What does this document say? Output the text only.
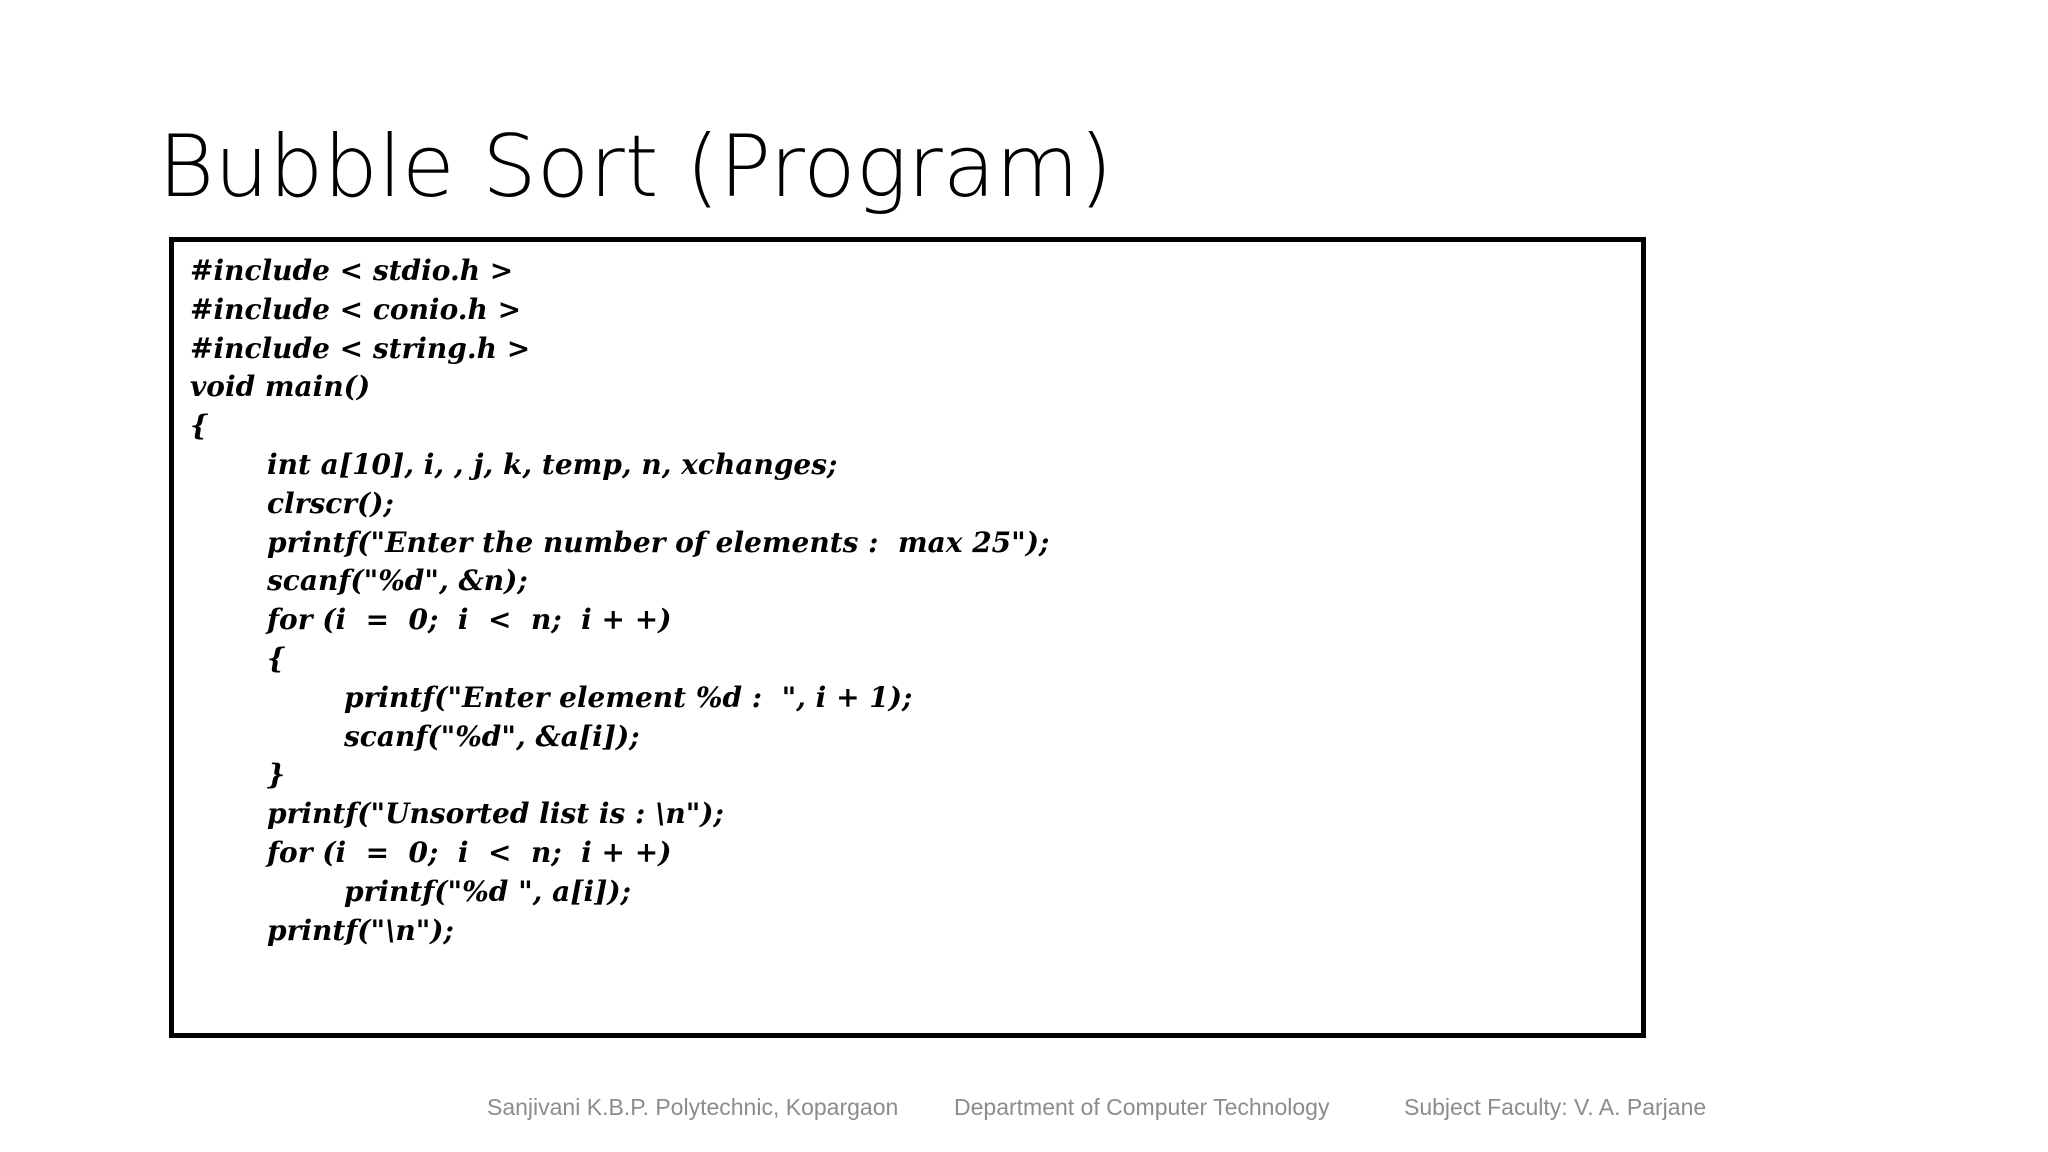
Bubble Sort (Program)
#include < stdio.h >
#include < conio.h >
#include < string.h >
void main()
{
int a[10], i, , j, k, temp, n, xchanges;
clrscr();
printf("Enter the number of elements :  max 25");
scanf("%d", &n);
for (i  =  0;  i  <  n;  i + +)
{
printf("Enter element %d :  ", i + 1);
scanf("%d", &a[i]);
}
printf("Unsorted list is : \n");
for (i  =  0;  i  <  n;  i + +)
printf("%d ", a[i]);
printf("\n");
Sanjivani K.B.P. Polytechnic, Kopargaon Department of Computer Technology	Subject Faculty: V. A. Parjane
